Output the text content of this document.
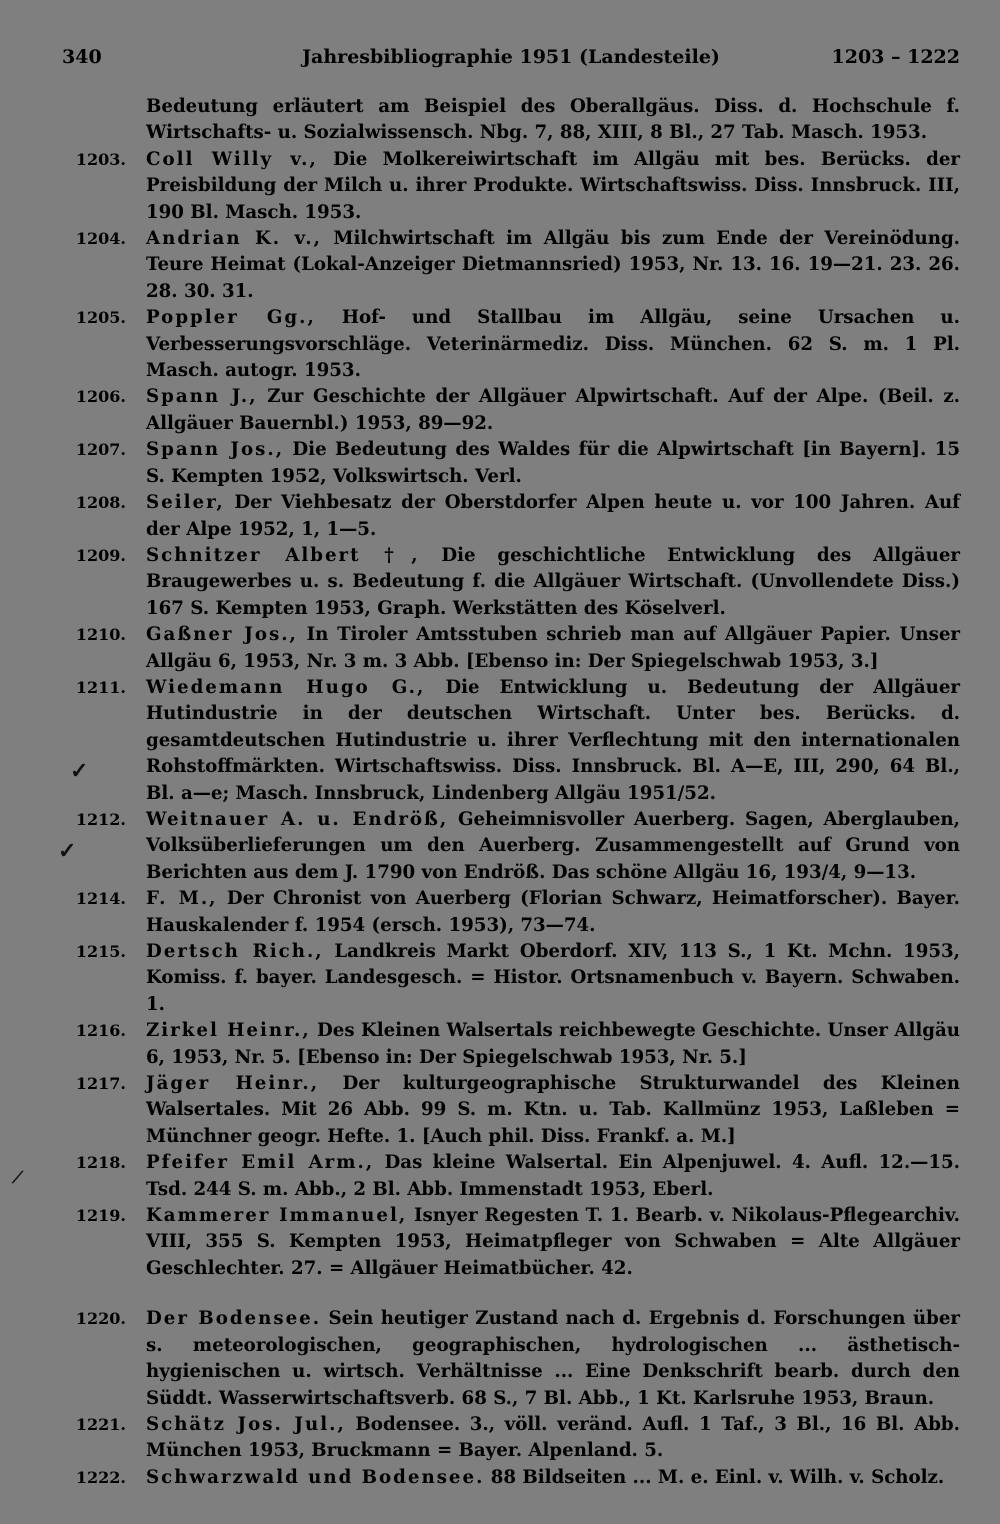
340	Jahresbibliographie 1951 (Landesteile)	1203 – 1222
Bedeutung erläutert am Beispiel des Oberallgäus. Diss. d. Hochschule f. Wirtschafts- u. Sozialwissensch. Nbg. 7, 88, XIII, 8 Bl., 27 Tab. Masch. 1953.
1203. Coll Willy v., Die Molkereiwirtschaft im Allgäu mit bes. Berücks. der Preisbildung der Milch u. ihrer Produkte. Wirtschaftswiss. Diss. Innsbruck. III, 190 Bl. Masch. 1953.
1204. Andrian K. v., Milchwirtschaft im Allgäu bis zum Ende der Vereinödung. Teure Heimat (Lokal-Anzeiger Dietmannsried) 1953, Nr. 13. 16. 19—21. 23. 26. 28. 30. 31.
1205. Poppler Gg., Hof- und Stallbau im Allgäu, seine Ursachen u. Verbesserungsvorschläge. Veterinärmediz. Diss. München. 62 S. m. 1 Pl. Masch. autogr. 1953.
1206. Spann J., Zur Geschichte der Allgäuer Alpwirtschaft. Auf der Alpe. (Beil. z. Allgäuer Bauernbl.) 1953, 89—92.
1207. Spann Jos., Die Bedeutung des Waldes für die Alpwirtschaft [in Bayern]. 15 S. Kempten 1952, Volkswirtsch. Verl.
1208. Seiler, Der Viehbesatz der Oberstdorfer Alpen heute u. vor 100 Jahren. Auf der Alpe 1952, 1, 1—5.
1209. Schnitzer Albert †, Die geschichtliche Entwicklung des Allgäuer Braugewerbes u. s. Bedeutung f. die Allgäuer Wirtschaft. (Unvollendete Diss.) 167 S. Kempten 1953, Graph. Werkstätten des Köselverl.
1210. Gaßner Jos., In Tiroler Amtsstuben schrieb man auf Allgäuer Papier. Unser Allgäu 6, 1953, Nr. 3 m. 3 Abb. [Ebenso in: Der Spiegelschwab 1953, 3.]
1211. Wiedemann Hugo G., Die Entwicklung u. Bedeutung der Allgäuer Hutindustrie in der deutschen Wirtschaft. Unter bes. Berücks. d. gesamtdeutschen Hutindustrie u. ihrer Verflechtung mit den internationalen Rohstoffmärkten. Wirtschaftswiss. Diss. Innsbruck. Bl. A—E, III, 290, 64 Bl., Bl. a—e; Masch. Innsbruck, Lindenberg Allgäu 1951/52.
1212. Weitnauer A. u. Endröß, Geheimnisvoller Auerberg. Sagen, Aberglauben, Volksüberlieferungen um den Auerberg. Zusammengestellt auf Grund von Berichten aus dem J. 1790 von Endröß. Das schöne Allgäu 16, 193/4, 9—13.
1214. F. M., Der Chronist von Auerberg (Florian Schwarz, Heimatforscher). Bayer. Hauskalender f. 1954 (ersch. 1953), 73—74.
1215. Dertsch Rich., Landkreis Markt Oberdorf. XIV, 113 S., 1 Kt. Mchn. 1953, Komiss. f. bayer. Landesgesch. = Histor. Ortsnamenbuch v. Bayern. Schwaben. 1.
1216. Zirkel Heinr., Des Kleinen Walsertals reichbewegte Geschichte. Unser Allgäu 6, 1953, Nr. 5. [Ebenso in: Der Spiegelschwab 1953, Nr. 5.]
1217. Jäger Heinr., Der kulturgeographische Strukturwandel des Kleinen Walsertales. Mit 26 Abb. 99 S. m. Ktn. u. Tab. Kallmünz 1953, Laßleben = Münchner geogr. Hefte. 1. [Auch phil. Diss. Frankf. a. M.]
1218. Pfeifer Emil Arm., Das kleine Walsertal. Ein Alpenjuwel. 4. Aufl. 12.—15. Tsd. 244 S. m. Abb., 2 Bl. Abb. Immenstadt 1953, Eberl.
1219. Kammerer Immanuel, Isnyer Regesten T. 1. Bearb. v. Nikolaus-Pflegearchiv. VIII, 355 S. Kempten 1953, Heimatpfleger von Schwaben = Alte Allgäuer Geschlechter. 27. = Allgäuer Heimatbücher. 42.
1220. Der Bodensee. Sein heutiger Zustand nach d. Ergebnis d. Forschungen über s. meteorologischen, geographischen, hydrologischen ... ästhetisch-hygienischen u. wirtsch. Verhältnisse ... Eine Denkschrift bearb. durch den Süddt. Wasserwirtschaftsverb. 68 S., 7 Bl. Abb., 1 Kt. Karlsruhe 1953, Braun.
1221. Schätz Jos. Jul., Bodensee. 3., völl. veränd. Aufl. 1 Taf., 3 Bl., 16 Bl. Abb. München 1953, Bruckmann = Bayer. Alpenland. 5.
1222. Schwarzwald und Bodensee. 88 Bildseiten ... M. e. Einl. v. Wilh. v. Scholz.
✓
✓
⟋
